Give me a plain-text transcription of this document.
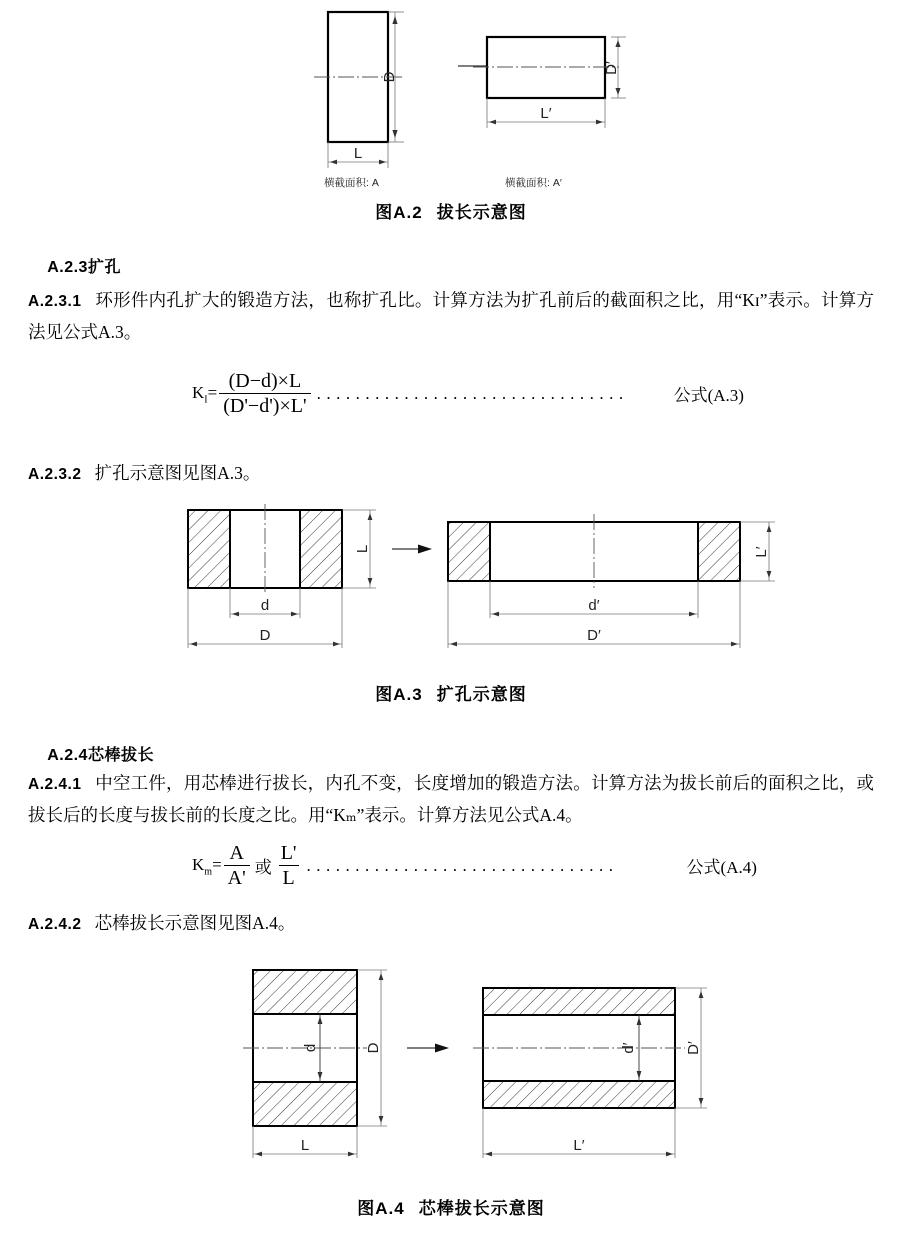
D
L
横截面积: A
D′
L′
横截面积: A′
图A.2 拔长示意图

A.2.3扩孔

A.2.3.1 环形件内孔扩大的锻造方法，也称扩孔比。计算方法为扩孔前后的截面积之比，用“Kɪ”表示。计算方法见公式A.3。
$K_I= \frac{(D-d)\times L}{(D'-d')\times L'}$ ................................	公式(A.3)
A.2.3.2 扩孔示意图见图A.3。
L
d
D
L′
d′
D′
图A.3 扩孔示意图

A.2.4芯棒拔长

A.2.4.1 中空工件，用芯棒进行拔长，内孔不变，长度增加的锻造方法。计算方法为拔长前后的面积之比，或拔长后的长度与拔长前的长度之比。用“Kₘ”表示。计算方法见公式A.4。
$K_m= \frac{A}{A'}$ 或 $\frac{L'}{L}$ ................................	公式(A.4)
A.2.4.2 芯棒拔长示意图见图A.4。
d	D
L
d′	D′
L′
图A.4 芯棒拔长示意图
